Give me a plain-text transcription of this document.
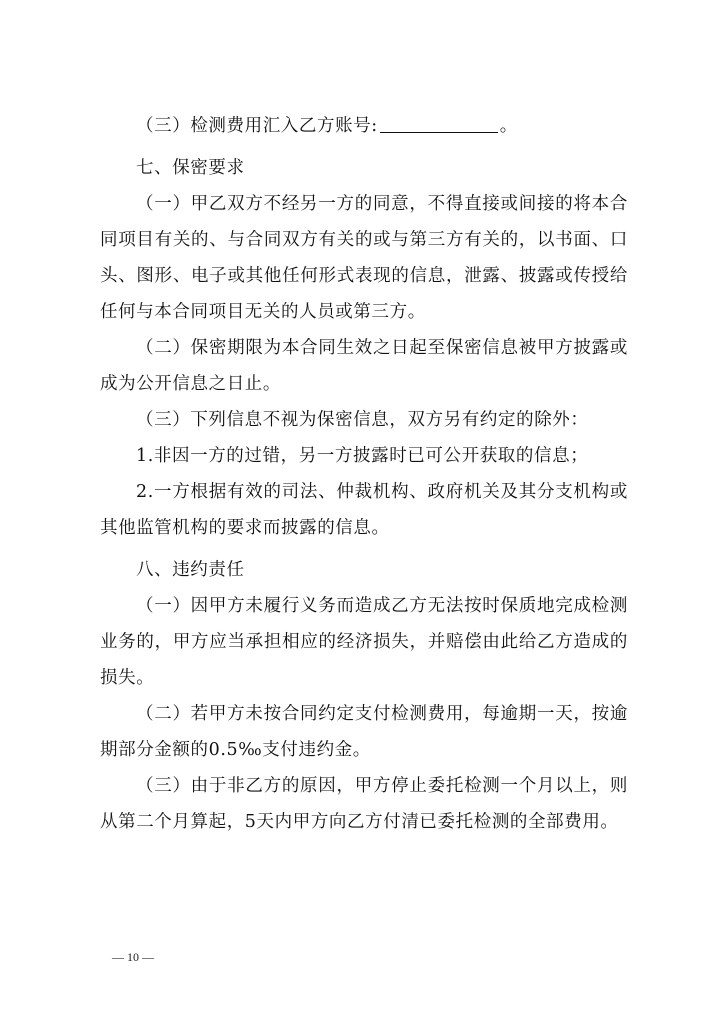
（三）检测费用汇入乙方账号:	。

七、保密要求

（一）甲乙双方不经另一方的同意，不得直接或间接的将本合同项目有关的、与合同双方有关的或与第三方有关的，以书面、口头、图形、电子或其他任何形式表现的信息，泄露、披露或传授给任何与本合同项目无关的人员或第三方。

（二）保密期限为本合同生效之日起至保密信息被甲方披露或成为公开信息之日止。

（三）下列信息不视为保密信息，双方另有约定的除外：

1.非因一方的过错，另一方披露时已可公开获取的信息；

2.一方根据有效的司法、仲裁机构、政府机关及其分支机构或其他监管机构的要求而披露的信息。

八、违约责任

（一）因甲方未履行义务而造成乙方无法按时保质地完成检测业务的，甲方应当承担相应的经济损失，并赔偿由此给乙方造成的损失。

（二）若甲方未按合同约定支付检测费用，每逾期一天，按逾期部分金额的0.5‰支付违约金。

（三）由于非乙方的原因，甲方停止委托检测一个月以上，则从第二个月算起，5天内甲方向乙方付清已委托检测的全部费用。

— 10 —
